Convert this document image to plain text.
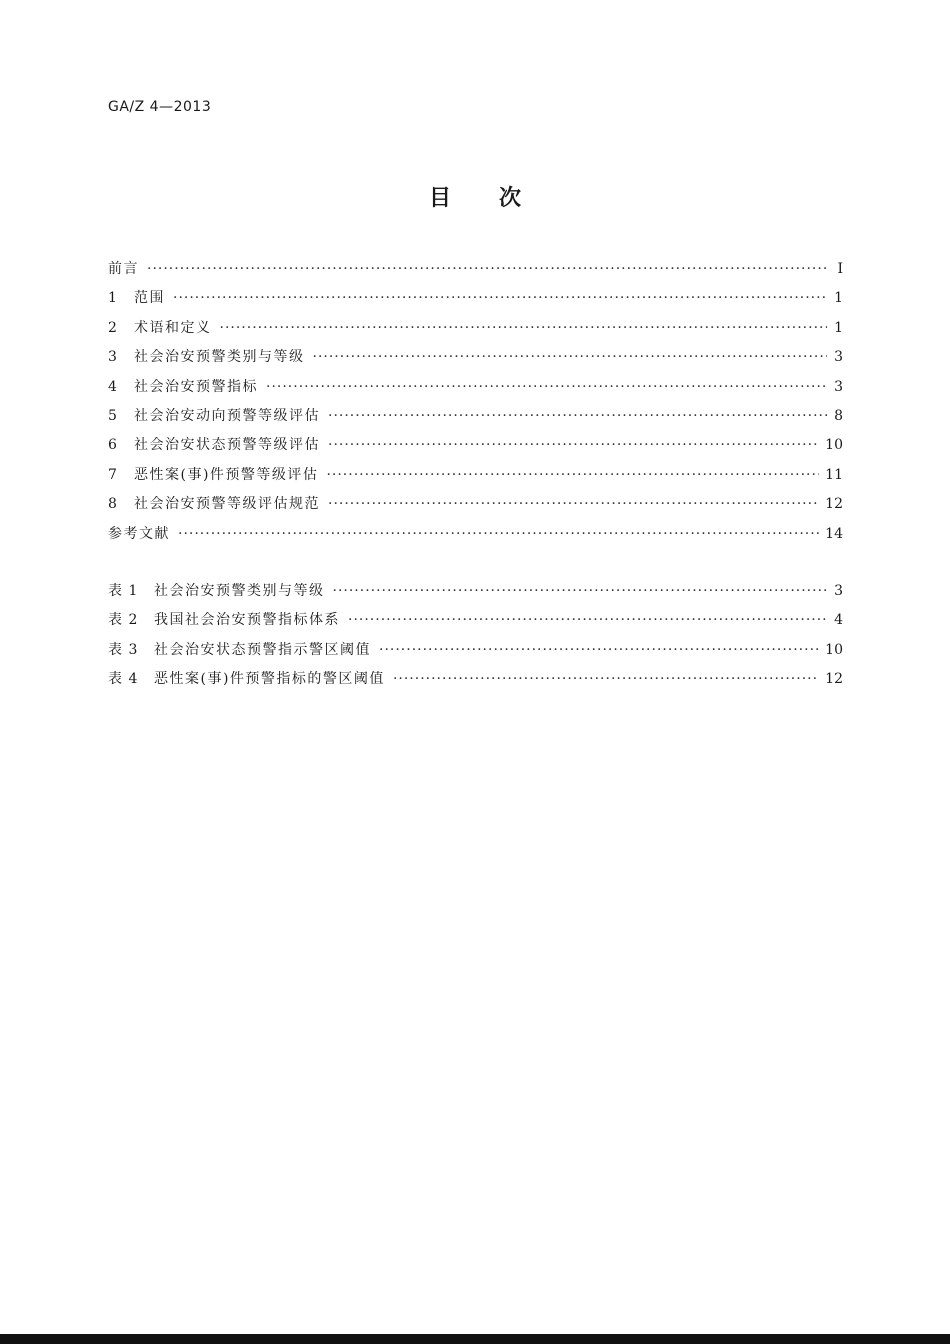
GA/Z 4—2013
目次
前言 ·····	Ⅰ
1	范围 ·····	1
2	术语和定义 ·····	1
3	社会治安预警类别与等级 ·····	3
4	社会治安预警指标 ·····	3
5	社会治安动向预警等级评估 ·····	8
6	社会治安状态预警等级评估 ·····	10
7	恶性案(事)件预警等级评估 ·····	11
8	社会治安预警等级评估规范 ·····	12
参考文献 ·····	14
表 1	社会治安预警类别与等级 ·····	3
表 2	我国社会治安预警指标体系 ·····	4
表 3	社会治安状态预警指示警区阈值 ·····	10
表 4	恶性案(事)件预警指标的警区阈值 ·····	12
